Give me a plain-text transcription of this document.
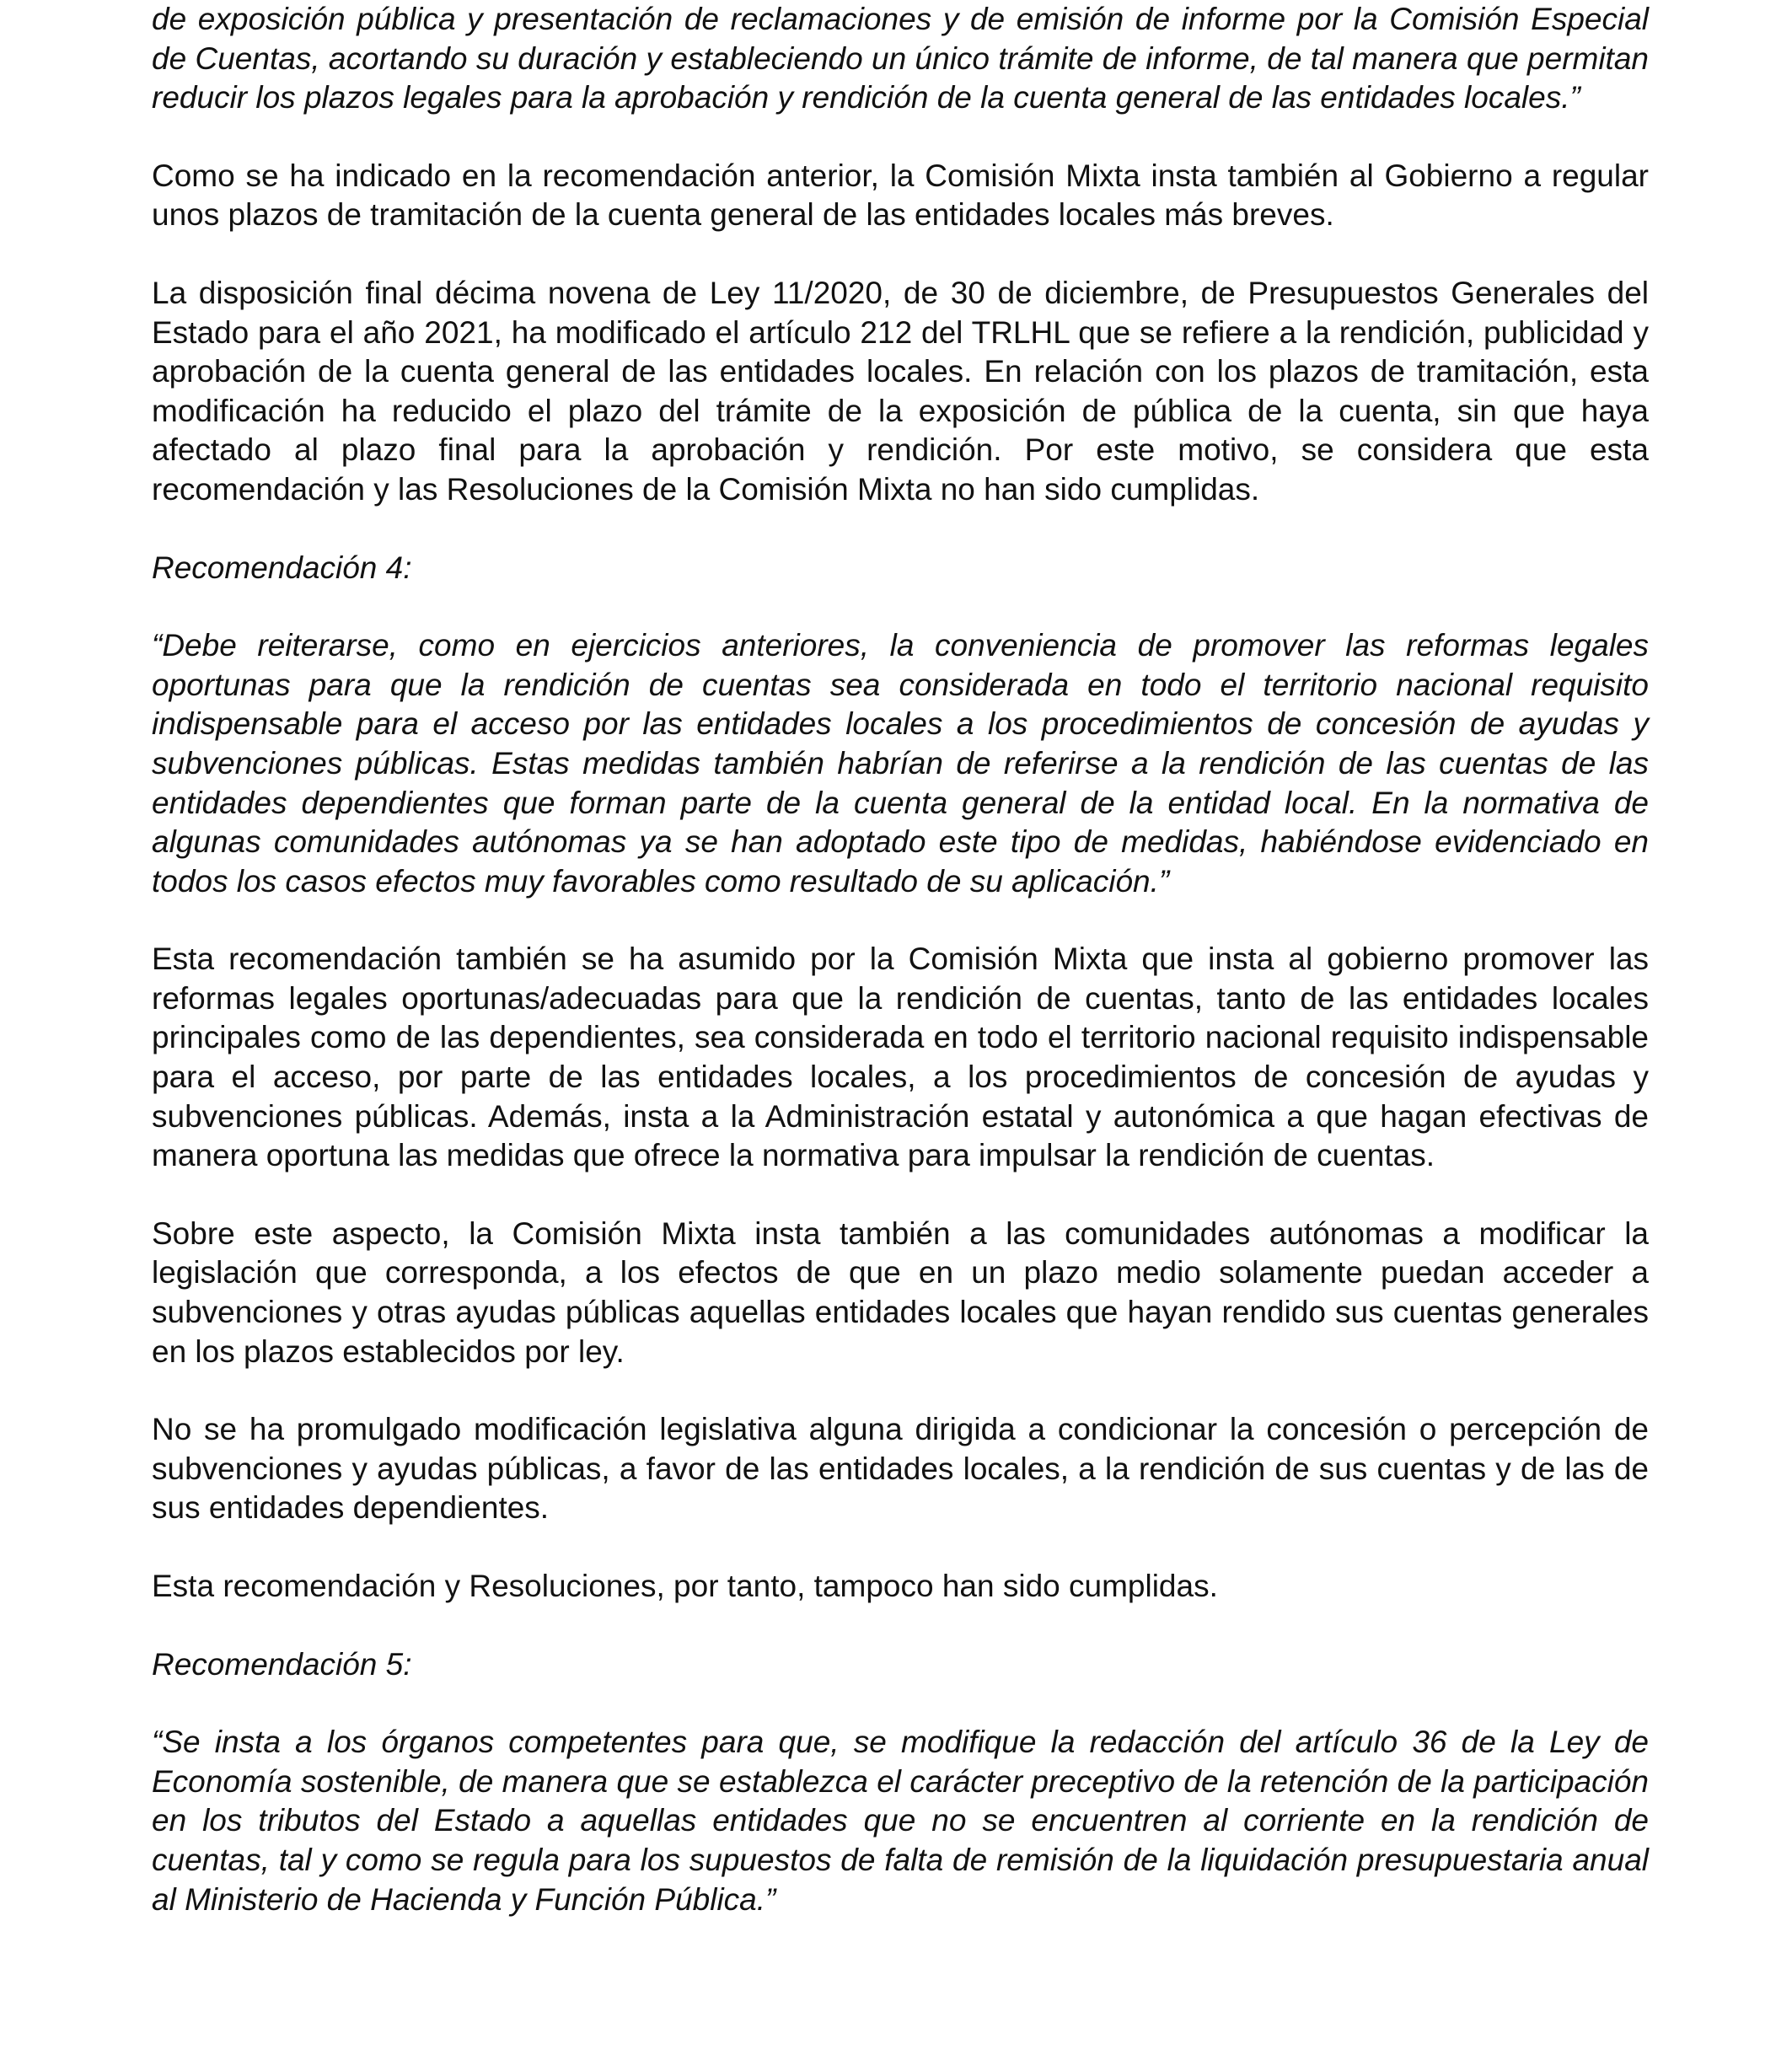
de exposición pública y presentación de reclamaciones y de emisión de informe por la Comisión Especial de Cuentas, acortando su duración y estableciendo un único trámite de informe, de tal manera que permitan reducir los plazos legales para la aprobación y rendición de la cuenta general de las entidades locales.”

Como se ha indicado en la recomendación anterior, la Comisión Mixta insta también al Gobierno a regular unos plazos de tramitación de la cuenta general de las entidades locales más breves.

La disposición final décima novena de Ley 11/2020, de 30 de diciembre, de Presupuestos Generales del Estado para el año 2021, ha modificado el artículo 212 del TRLHL que se refiere a la rendición, publicidad y aprobación de la cuenta general de las entidades locales. En relación con los plazos de tramitación, esta modificación ha reducido el plazo del trámite de la exposición de pública de la cuenta, sin que haya afectado al plazo final para la aprobación y rendición. Por este motivo, se considera que esta recomendación y las Resoluciones de la Comisión Mixta no han sido cumplidas.

Recomendación 4:

“Debe reiterarse, como en ejercicios anteriores, la conveniencia de promover las reformas legales oportunas para que la rendición de cuentas sea considerada en todo el territorio nacional requisito indispensable para el acceso por las entidades locales a los procedimientos de concesión de ayudas y subvenciones públicas. Estas medidas también habrían de referirse a la rendición de las cuentas de las entidades dependientes que forman parte de la cuenta general de la entidad local. En la normativa de algunas comunidades autónomas ya se han adoptado este tipo de medidas, habiéndose evidenciado en todos los casos efectos muy favorables como resultado de su aplicación.”

Esta recomendación también se ha asumido por la Comisión Mixta que insta al gobierno promover las reformas legales oportunas/adecuadas para que la rendición de cuentas, tanto de las entidades locales principales como de las dependientes, sea considerada en todo el territorio nacional requisito indispensable para el acceso, por parte de las entidades locales, a los procedimientos de concesión de ayudas y subvenciones públicas. Además, insta a la Administración estatal y autonómica a que hagan efectivas de manera oportuna las medidas que ofrece la normativa para impulsar la rendición de cuentas.

Sobre este aspecto, la Comisión Mixta insta también a las comunidades autónomas a modificar la legislación que corresponda, a los efectos de que en un plazo medio solamente puedan acceder a subvenciones y otras ayudas públicas aquellas entidades locales que hayan rendido sus cuentas generales en los plazos establecidos por ley.

No se ha promulgado modificación legislativa alguna dirigida a condicionar la concesión o percepción de subvenciones y ayudas públicas, a favor de las entidades locales, a la rendición de sus cuentas y de las de sus entidades dependientes.

Esta recomendación y Resoluciones, por tanto, tampoco han sido cumplidas.

Recomendación 5:

“Se insta a los órganos competentes para que, se modifique la redacción del artículo 36 de la Ley de Economía sostenible, de manera que se establezca el carácter preceptivo de la retención de la participación en los tributos del Estado a aquellas entidades que no se encuentren al corriente en la rendición de cuentas, tal y como se regula para los supuestos de falta de remisión de la liquidación presupuestaria anual al Ministerio de Hacienda y Función Pública.”
